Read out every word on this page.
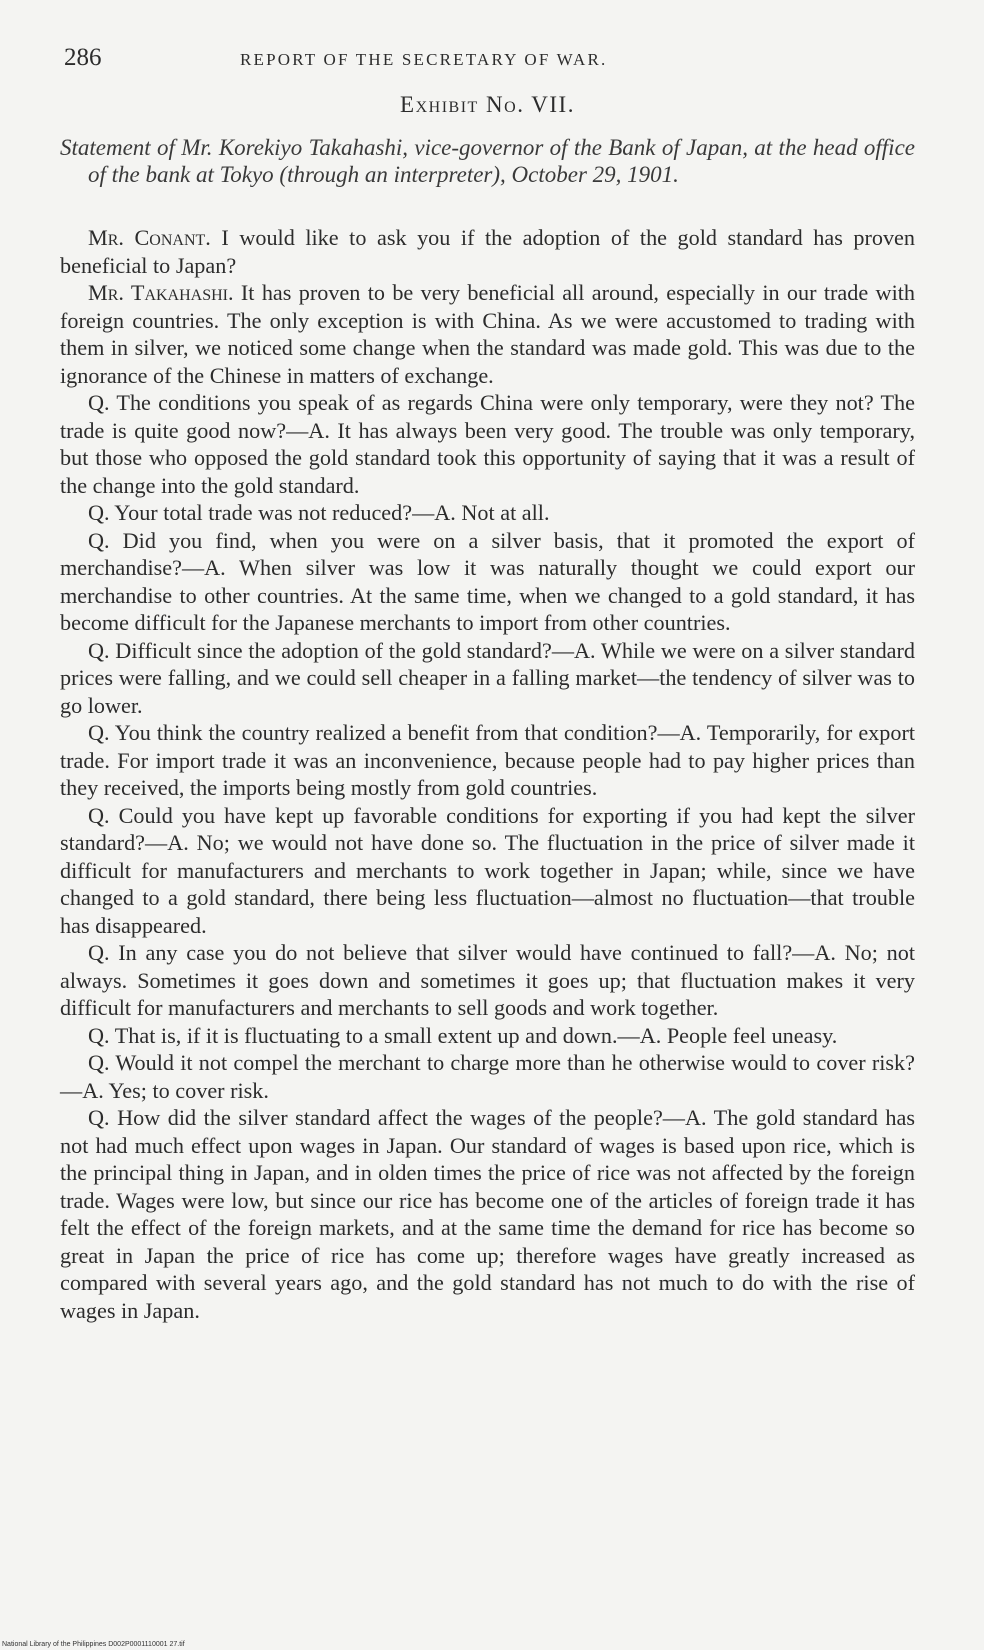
286	REPORT OF THE SECRETARY OF WAR.
Exhibit No. VII.

Statement of Mr. Korekiyo Takahashi, vice-governor of the Bank of Japan, at the head office of the bank at Tokyo (through an interpreter), October 29, 1901.

Mr. Conant. I would like to ask you if the adoption of the gold standard has proven beneficial to Japan?

Mr. Takahashi. It has proven to be very beneficial all around, especially in our trade with foreign countries. The only exception is with China. As we were accustomed to trading with them in silver, we noticed some change when the standard was made gold. This was due to the ignorance of the Chinese in matters of exchange.

Q. The conditions you speak of as regards China were only temporary, were they not? The trade is quite good now?—A. It has always been very good. The trouble was only temporary, but those who opposed the gold standard took this opportunity of saying that it was a result of the change into the gold standard.

Q. Your total trade was not reduced?—A. Not at all.

Q. Did you find, when you were on a silver basis, that it promoted the export of merchandise?—A. When silver was low it was naturally thought we could export our merchandise to other countries. At the same time, when we changed to a gold standard, it has become difficult for the Japanese merchants to import from other countries.

Q. Difficult since the adoption of the gold standard?—A. While we were on a silver standard prices were falling, and we could sell cheaper in a falling market—the tendency of silver was to go lower.

Q. You think the country realized a benefit from that condition?—A. Temporarily, for export trade. For import trade it was an inconvenience, because people had to pay higher prices than they received, the imports being mostly from gold countries.

Q. Could you have kept up favorable conditions for exporting if you had kept the silver standard?—A. No; we would not have done so. The fluctuation in the price of silver made it difficult for manufacturers and merchants to work together in Japan; while, since we have changed to a gold standard, there being less fluctuation—almost no fluctuation—that trouble has disappeared.

Q. In any case you do not believe that silver would have continued to fall?—A. No; not always. Sometimes it goes down and sometimes it goes up; that fluctuation makes it very difficult for manufacturers and merchants to sell goods and work together.

Q. That is, if it is fluctuating to a small extent up and down.—A. People feel uneasy.

Q. Would it not compel the merchant to charge more than he otherwise would to cover risk?—A. Yes; to cover risk.

Q. How did the silver standard affect the wages of the people?—A. The gold standard has not had much effect upon wages in Japan. Our standard of wages is based upon rice, which is the principal thing in Japan, and in olden times the price of rice was not affected by the foreign trade. Wages were low, but since our rice has become one of the articles of foreign trade it has felt the effect of the foreign markets, and at the same time the demand for rice has become so great in Japan the price of rice has come up; therefore wages have greatly increased as compared with several years ago, and the gold standard has not much to do with the rise of wages in Japan.

National Library of the Philippines D002P0001110001 27.tif
